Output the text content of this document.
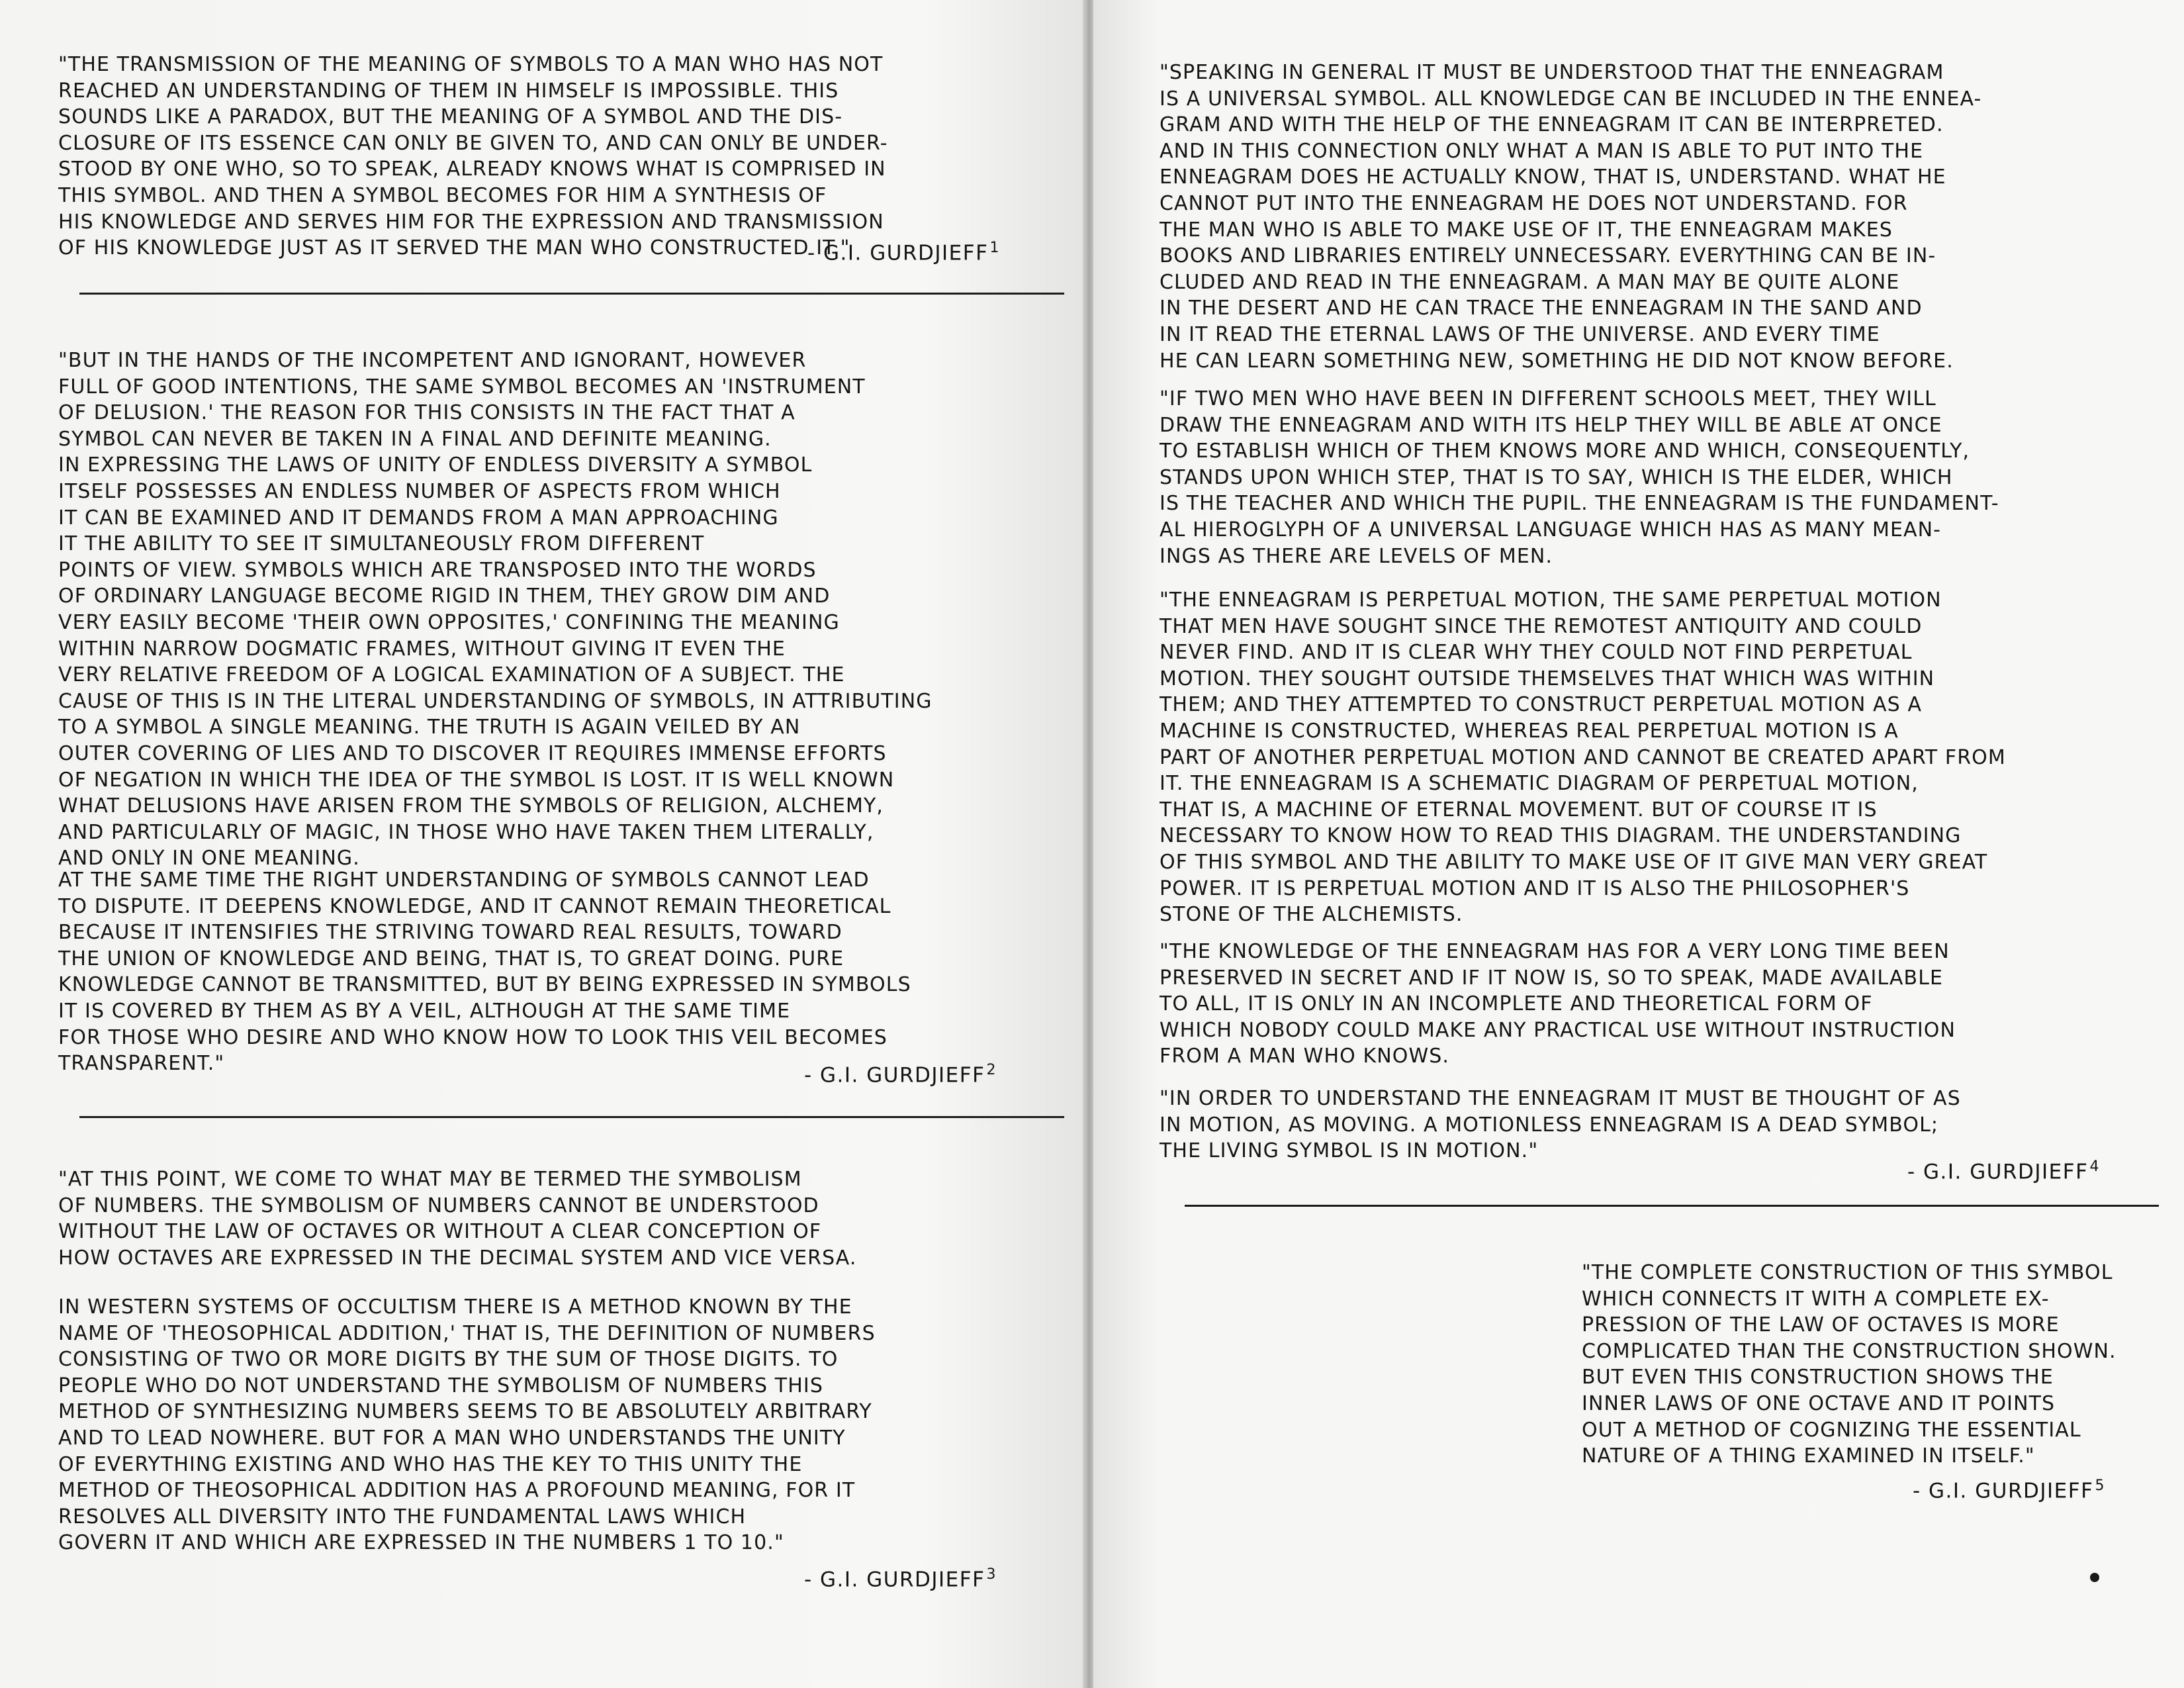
"THE TRANSMISSION OF THE MEANING OF SYMBOLS TO A MAN WHO HAS NOT
REACHED AN UNDERSTANDING OF THEM IN HIMSELF IS IMPOSSIBLE. THIS
SOUNDS LIKE A PARADOX, BUT THE MEANING OF A SYMBOL AND THE DIS-
CLOSURE OF ITS ESSENCE CAN ONLY BE GIVEN TO, AND CAN ONLY BE UNDER-
STOOD BY ONE WHO, SO TO SPEAK, ALREADY KNOWS WHAT IS COMPRISED IN
THIS SYMBOL. AND THEN A SYMBOL BECOMES FOR HIM A SYNTHESIS OF
HIS KNOWLEDGE AND SERVES HIM FOR THE EXPRESSION AND TRANSMISSION
OF HIS KNOWLEDGE JUST AS IT SERVED THE MAN WHO CONSTRUCTED IT."

- G.I. GURDJIEFF$^1$

"BUT IN THE HANDS OF THE INCOMPETENT AND IGNORANT, HOWEVER
FULL OF GOOD INTENTIONS, THE SAME SYMBOL BECOMES AN 'INSTRUMENT
OF DELUSION.' THE REASON FOR THIS CONSISTS IN THE FACT THAT A
SYMBOL CAN NEVER BE TAKEN IN A FINAL AND DEFINITE MEANING.
IN EXPRESSING THE LAWS OF UNITY OF ENDLESS DIVERSITY A SYMBOL
ITSELF POSSESSES AN ENDLESS NUMBER OF ASPECTS FROM WHICH
IT CAN BE EXAMINED AND IT DEMANDS FROM A MAN APPROACHING
IT THE ABILITY TO SEE IT SIMULTANEOUSLY FROM DIFFERENT
POINTS OF VIEW. SYMBOLS WHICH ARE TRANSPOSED INTO THE WORDS
OF ORDINARY LANGUAGE BECOME RIGID IN THEM, THEY GROW DIM AND
VERY EASILY BECOME 'THEIR OWN OPPOSITES,' CONFINING THE MEANING
WITHIN NARROW DOGMATIC FRAMES, WITHOUT GIVING IT EVEN THE
VERY RELATIVE FREEDOM OF A LOGICAL EXAMINATION OF A SUBJECT. THE
CAUSE OF THIS IS IN THE LITERAL UNDERSTANDING OF SYMBOLS, IN ATTRIBUTING
TO A SYMBOL A SINGLE MEANING. THE TRUTH IS AGAIN VEILED BY AN
OUTER COVERING OF LIES AND TO DISCOVER IT REQUIRES IMMENSE EFFORTS
OF NEGATION IN WHICH THE IDEA OF THE SYMBOL IS LOST. IT IS WELL KNOWN
WHAT DELUSIONS HAVE ARISEN FROM THE SYMBOLS OF RELIGION, ALCHEMY,
AND PARTICULARLY OF MAGIC, IN THOSE WHO HAVE TAKEN THEM LITERALLY,
AND ONLY IN ONE MEANING.

AT THE SAME TIME THE RIGHT UNDERSTANDING OF SYMBOLS CANNOT LEAD
TO DISPUTE. IT DEEPENS KNOWLEDGE, AND IT CANNOT REMAIN THEORETICAL
BECAUSE IT INTENSIFIES THE STRIVING TOWARD REAL RESULTS, TOWARD
THE UNION OF KNOWLEDGE AND BEING, THAT IS, TO GREAT DOING. PURE
KNOWLEDGE CANNOT BE TRANSMITTED, BUT BY BEING EXPRESSED IN SYMBOLS
IT IS COVERED BY THEM AS BY A VEIL, ALTHOUGH AT THE SAME TIME
FOR THOSE WHO DESIRE AND WHO KNOW HOW TO LOOK THIS VEIL BECOMES
TRANSPARENT."	- G.I. GURDJIEFF$^2$

"AT THIS POINT, WE COME TO WHAT MAY BE TERMED THE SYMBOLISM
OF NUMBERS. THE SYMBOLISM OF NUMBERS CANNOT BE UNDERSTOOD
WITHOUT THE LAW OF OCTAVES OR WITHOUT A CLEAR CONCEPTION OF
HOW OCTAVES ARE EXPRESSED IN THE DECIMAL SYSTEM AND VICE VERSA.

IN WESTERN SYSTEMS OF OCCULTISM THERE IS A METHOD KNOWN BY THE
NAME OF 'THEOSOPHICAL ADDITION,' THAT IS, THE DEFINITION OF NUMBERS
CONSISTING OF TWO OR MORE DIGITS BY THE SUM OF THOSE DIGITS. TO
PEOPLE WHO DO NOT UNDERSTAND THE SYMBOLISM OF NUMBERS THIS
METHOD OF SYNTHESIZING NUMBERS SEEMS TO BE ABSOLUTELY ARBITRARY
AND TO LEAD NOWHERE. BUT FOR A MAN WHO UNDERSTANDS THE UNITY
OF EVERYTHING EXISTING AND WHO HAS THE KEY TO THIS UNITY THE
METHOD OF THEOSOPHICAL ADDITION HAS A PROFOUND MEANING, FOR IT
RESOLVES ALL DIVERSITY INTO THE FUNDAMENTAL LAWS WHICH
GOVERN IT AND WHICH ARE EXPRESSED IN THE NUMBERS 1 TO 10."

- G.I. GURDJIEFF$^3$

"SPEAKING IN GENERAL IT MUST BE UNDERSTOOD THAT THE ENNEAGRAM
IS A UNIVERSAL SYMBOL. ALL KNOWLEDGE CAN BE INCLUDED IN THE ENNEA-
GRAM AND WITH THE HELP OF THE ENNEAGRAM IT CAN BE INTERPRETED.
AND IN THIS CONNECTION ONLY WHAT A MAN IS ABLE TO PUT INTO THE
ENNEAGRAM DOES HE ACTUALLY KNOW, THAT IS, UNDERSTAND. WHAT HE
CANNOT PUT INTO THE ENNEAGRAM HE DOES NOT UNDERSTAND. FOR
THE MAN WHO IS ABLE TO MAKE USE OF IT, THE ENNEAGRAM MAKES
BOOKS AND LIBRARIES ENTIRELY UNNECESSARY. EVERYTHING CAN BE IN-
CLUDED AND READ IN THE ENNEAGRAM. A MAN MAY BE QUITE ALONE
IN THE DESERT AND HE CAN TRACE THE ENNEAGRAM IN THE SAND AND
IN IT READ THE ETERNAL LAWS OF THE UNIVERSE. AND EVERY TIME
HE CAN LEARN SOMETHING NEW, SOMETHING HE DID NOT KNOW BEFORE.

"IF TWO MEN WHO HAVE BEEN IN DIFFERENT SCHOOLS MEET, THEY WILL
DRAW THE ENNEAGRAM AND WITH ITS HELP THEY WILL BE ABLE AT ONCE
TO ESTABLISH WHICH OF THEM KNOWS MORE AND WHICH, CONSEQUENTLY,
STANDS UPON WHICH STEP, THAT IS TO SAY, WHICH IS THE ELDER, WHICH
IS THE TEACHER AND WHICH THE PUPIL. THE ENNEAGRAM IS THE FUNDAMENT-
AL HIEROGLYPH OF A UNIVERSAL LANGUAGE WHICH HAS AS MANY MEAN-
INGS AS THERE ARE LEVELS OF MEN.

"THE ENNEAGRAM IS PERPETUAL MOTION, THE SAME PERPETUAL MOTION
THAT MEN HAVE SOUGHT SINCE THE REMOTEST ANTIQUITY AND COULD
NEVER FIND. AND IT IS CLEAR WHY THEY COULD NOT FIND PERPETUAL
MOTION. THEY SOUGHT OUTSIDE THEMSELVES THAT WHICH WAS WITHIN
THEM; AND THEY ATTEMPTED TO CONSTRUCT PERPETUAL MOTION AS A
MACHINE IS CONSTRUCTED, WHEREAS REAL PERPETUAL MOTION IS A
PART OF ANOTHER PERPETUAL MOTION AND CANNOT BE CREATED APART FROM
IT. THE ENNEAGRAM IS A SCHEMATIC DIAGRAM OF PERPETUAL MOTION,
THAT IS, A MACHINE OF ETERNAL MOVEMENT. BUT OF COURSE IT IS
NECESSARY TO KNOW HOW TO READ THIS DIAGRAM. THE UNDERSTANDING
OF THIS SYMBOL AND THE ABILITY TO MAKE USE OF IT GIVE MAN VERY GREAT
POWER. IT IS PERPETUAL MOTION AND IT IS ALSO THE PHILOSOPHER'S
STONE OF THE ALCHEMISTS.

"THE KNOWLEDGE OF THE ENNEAGRAM HAS FOR A VERY LONG TIME BEEN
PRESERVED IN SECRET AND IF IT NOW IS, SO TO SPEAK, MADE AVAILABLE
TO ALL, IT IS ONLY IN AN INCOMPLETE AND THEORETICAL FORM OF
WHICH NOBODY COULD MAKE ANY PRACTICAL USE WITHOUT INSTRUCTION
FROM A MAN WHO KNOWS.

"IN ORDER TO UNDERSTAND THE ENNEAGRAM IT MUST BE THOUGHT OF AS
IN MOTION, AS MOVING. A MOTIONLESS ENNEAGRAM IS A DEAD SYMBOL;
THE LIVING SYMBOL IS IN MOTION."

- G.I. GURDJIEFF$^4$

"THE COMPLETE CONSTRUCTION OF THIS SYMBOL
WHICH CONNECTS IT WITH A COMPLETE EX-
PRESSION OF THE LAW OF OCTAVES IS MORE
COMPLICATED THAN THE CONSTRUCTION SHOWN.
BUT EVEN THIS CONSTRUCTION SHOWS THE
INNER LAWS OF ONE OCTAVE AND IT POINTS
OUT A METHOD OF COGNIZING THE ESSENTIAL
NATURE OF A THING EXAMINED IN ITSELF."

- G.I. GURDJIEFF$^5$
